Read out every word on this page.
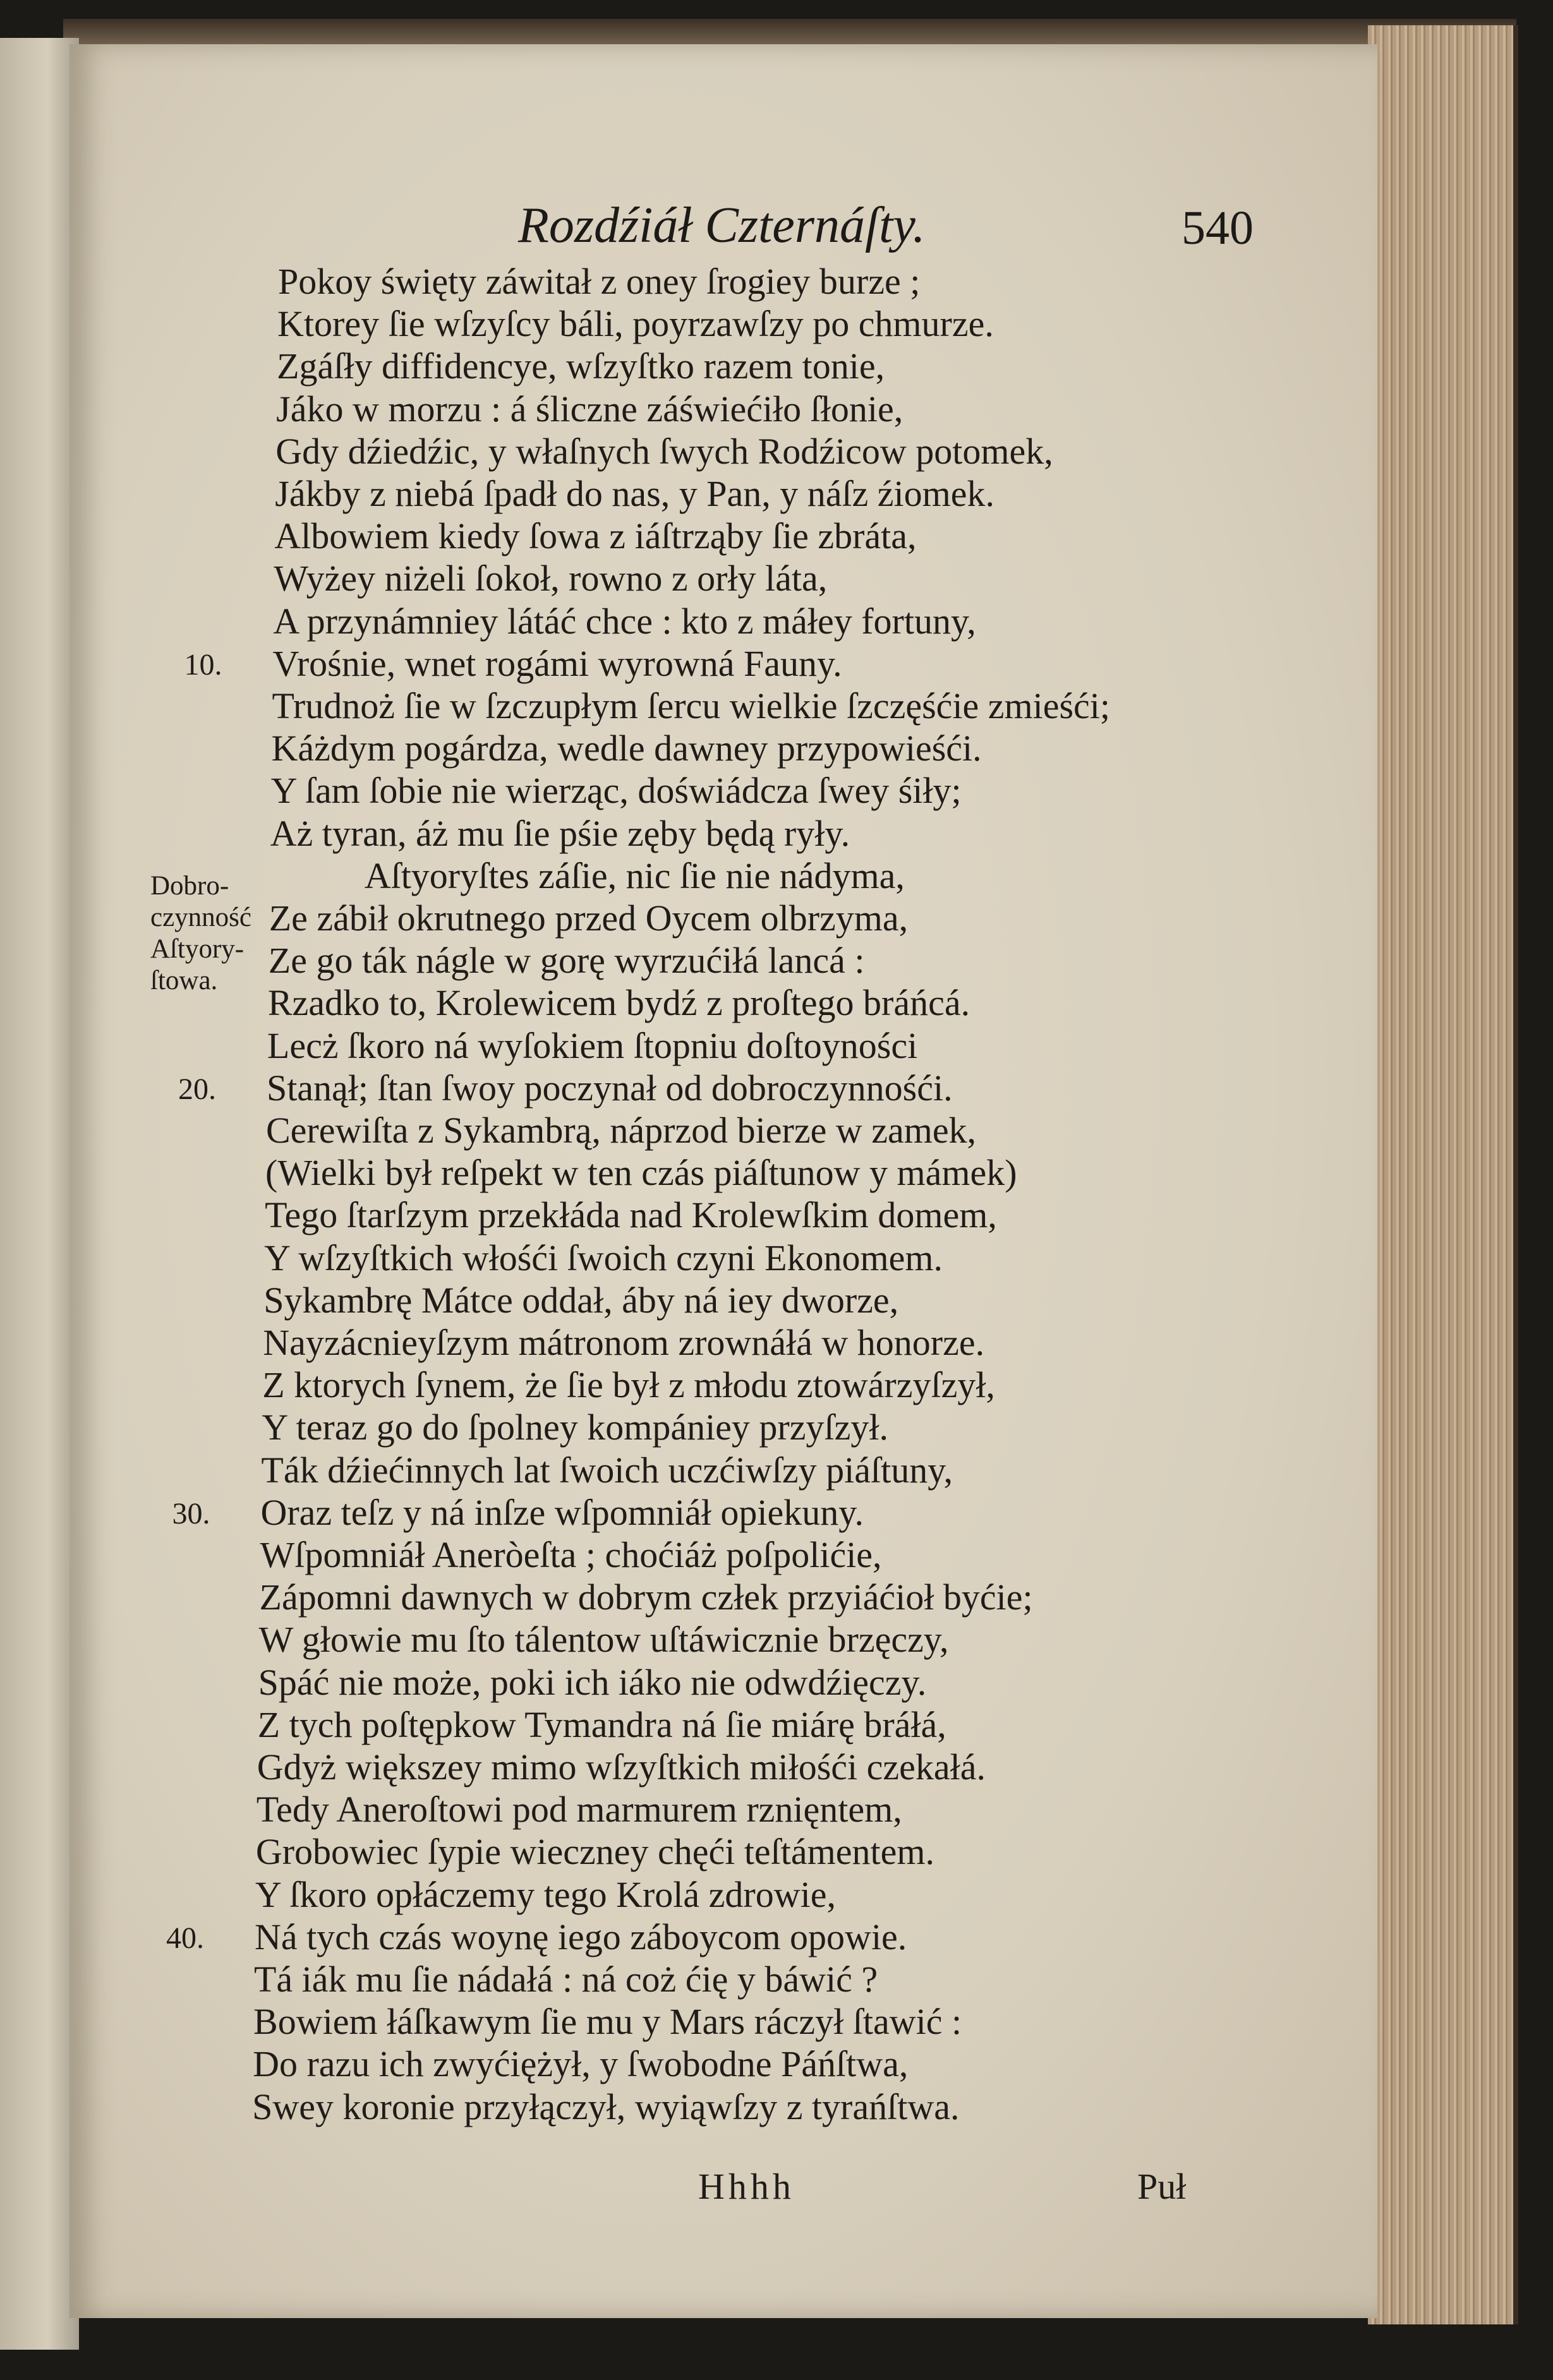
Rozdźiáł Czternáſty.	540
Dobro-
czynność
Aſtyory-
ſtowa.
Pokoy święty záwitał z oney ſrogiey burze ;
Ktorey ſie wſzyſcy báli, poyrzawſzy po chmurze.
Zgáſły diffidencye, wſzyſtko razem tonie,
Jáko w morzu : á śliczne záświećiło ſłonie,
Gdy dźiedźic, y właſnych ſwych Rodźicow potomek,
Jákby z niebá ſpadł do nas, y Pan, y náſz źiomek.
Albowiem kiedy ſowa z iáſtrząby ſie zbráta,
Wyżey niżeli ſokoł, rowno z orły láta,
A przynámniey látáć chce : kto z máłey fortuny,
Vrośnie, wnet rogámi wyrowná Fauny.
10.
Trudnoż ſie w ſzczupłym ſercu wielkie ſzczęśćie zmieśći;
Káżdym pogárdza, wedle dawney przypowieśći.
Y ſam ſobie nie wierząc, doświádcza ſwey śiły;
Aż tyran, áż mu ſie pśie zęby będą ryły.
Aſtyoryſtes záſie, nic ſie nie nádyma,
Ze zábił okrutnego przed Oycem olbrzyma,
Ze go ták nágle w gorę wyrzućiłá lancá :
Rzadko to, Krolewicem bydź z proſtego bráńcá.
Lecż ſkoro ná wyſokiem ſtopniu doſtoyności
Stanął; ſtan ſwoy poczynał od dobroczynnośći.
20.
Cerewiſta z Sykambrą, náprzod bierze w zamek,
(Wielki był reſpekt w ten czás piáſtunow y mámek)
Tego ſtarſzym przekłáda nad Krolewſkim domem,
Y wſzyſtkich włośći ſwoich czyni Ekonomem.
Sykambrę Mátce oddał, áby ná iey dworze,
Nayzácnieyſzym mátronom zrownáłá w honorze.
Z ktorych ſynem, że ſie był z młodu ztowárzyſzył,
Y teraz go do ſpolney kompániey przyſzył.
Ták dźiećinnych lat ſwoich uczćiwſzy piáſtuny,
Oraz teſz y ná inſze wſpomniáł opiekuny.
30.
Wſpomniáł Aneròeſta ; choćiáż poſpolićie,
Zápomni dawnych w dobrym człek przyiáćioł byćie;
W głowie mu ſto tálentow uſtáwicznie brzęczy,
Spáć nie może, poki ich iáko nie odwdźięczy.
Z tych poſtępkow Tymandra ná ſie miárę bráłá,
Gdyż większey mimo wſzyſtkich miłośći czekałá.
Tedy Aneroſtowi pod marmurem rznięntem,
Grobowiec ſypie wieczney chęći teſtámentem.
Y ſkoro opłáczemy tego Krolá zdrowie,
Ná tych czás woynę iego záboycom opowie.
40.
Tá iák mu ſie nádałá : ná coż ćię y báwić ?
Bowiem łáſkawym ſie mu y Mars ráczył ſtawić :
Do razu ich zwyćiężył, y ſwobodne Páńſtwa,
Swey koronie przyłączył, wyiąwſzy z tyrańſtwa.
Hhhh	Puł
